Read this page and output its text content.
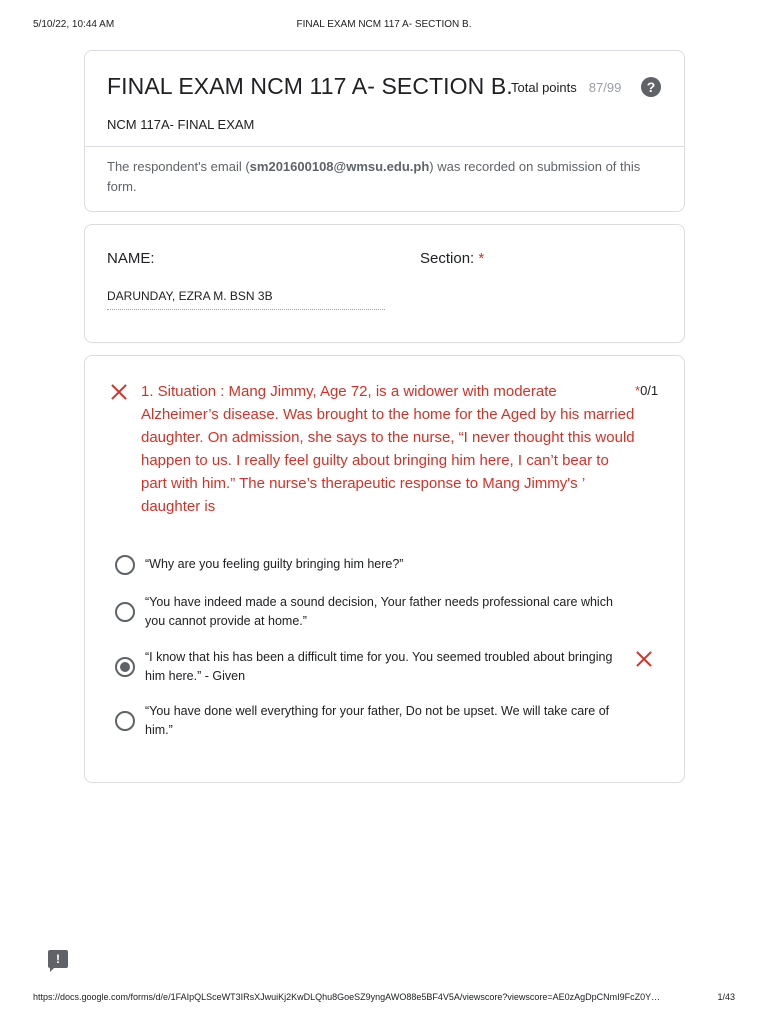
5/10/22, 10:44 AM	FINAL EXAM NCM 117 A- SECTION B.
FINAL EXAM NCM 117 A- SECTION B.
Total points 87/99	?
NCM 117A- FINAL EXAM
The respondent's email (sm201600108@wmsu.edu.ph) was recorded on submission of this form.
NAME:	Section: *
DARUNDAY, EZRA M. BSN 3B
1. Situation : Mang Jimmy, Age 72, is a widower with moderate Alzheimer’s disease. Was brought to the home for the Aged by his married daughter. On admission, she says to the nurse, “I never thought this would happen to us. I really feel guilty about bringing him here, I can’t bear to part with him.” The nurse’s therapeutic response to Mang Jimmy's ’ daughter is
*0/1
“Why are you feeling guilty bringing him here?”
“You have indeed made a sound decision, Your father needs professional care which you cannot provide at home.”
“I know that his has been a difficult time for you. You seemed troubled about bringing him here.” - Given
“You have done well everything for your father, Do not be upset. We will take care of him.”
!
https://docs.google.com/forms/d/e/1FAIpQLSceWT3IRsXJwuiKj2KwDLQhu8GoeSZ9yngAWO88e5BF4V5A/viewscore?viewscore=AE0zAgDpCNmI9FcZ0Y…	1/43
